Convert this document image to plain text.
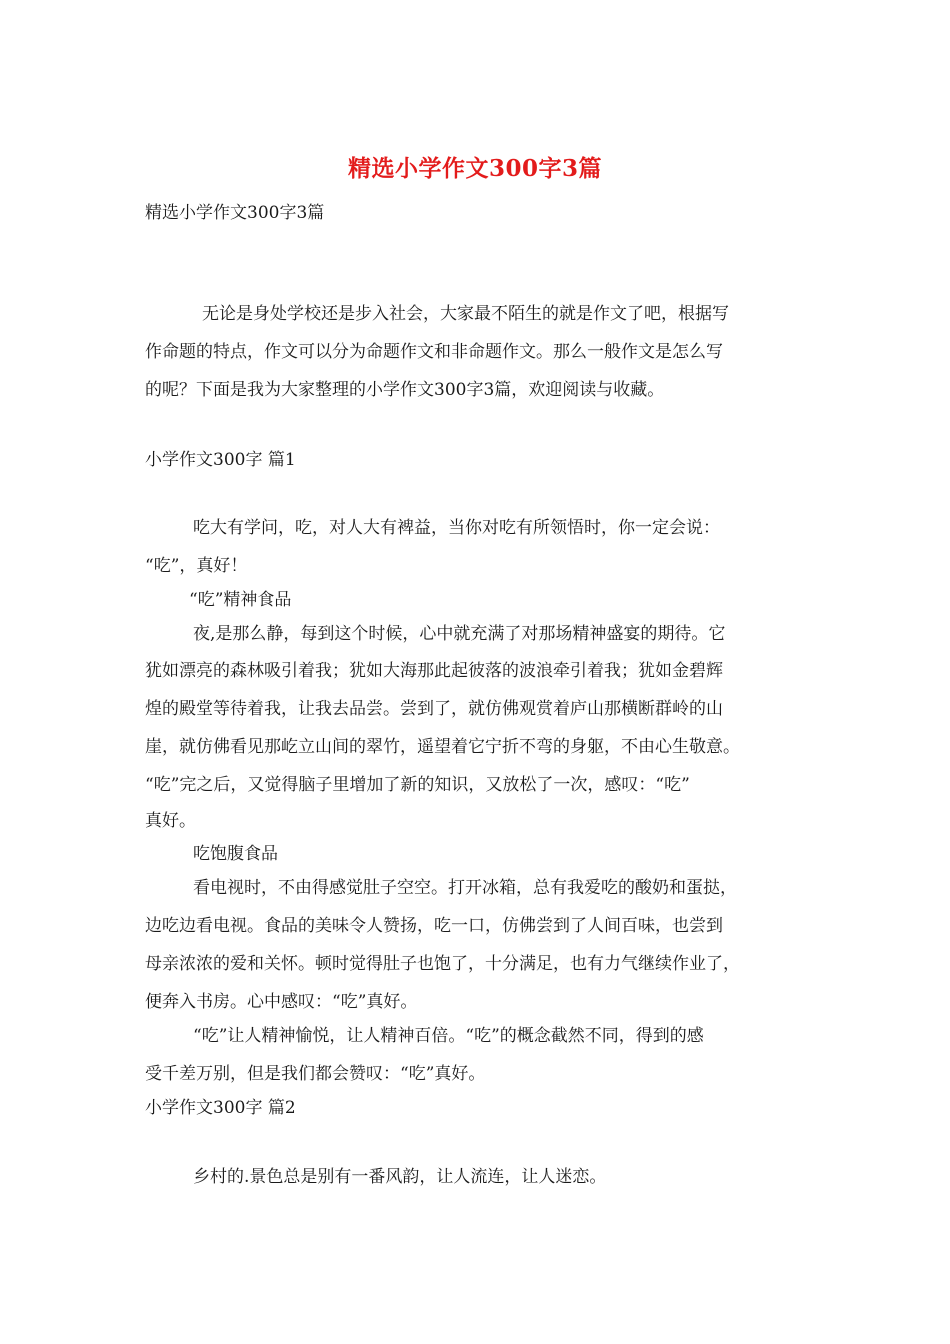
精选小学作文300字3篇
精选小学作文300字3篇
无论是身处学校还是步入社会，大家最不陌生的就是作文了吧，根据写
作命题的特点，作文可以分为命题作文和非命题作文。那么一般作文是怎么写
的呢？下面是我为大家整理的小学作文300字3篇，欢迎阅读与收藏。
小学作文300字 篇1
吃大有学问，吃，对人大有裨益，当你对吃有所领悟时，你一定会说：
“吃”，真好！
“吃”精神食品
夜,是那么静，每到这个时候，心中就充满了对那场精神盛宴的期待。它
犹如漂亮的森林吸引着我；犹如大海那此起彼落的波浪牵引着我；犹如金碧辉
煌的殿堂等待着我，让我去品尝。尝到了，就仿佛观赏着庐山那横断群岭的山
崖，就仿佛看见那屹立山间的翠竹，遥望着它宁折不弯的身躯，不由心生敬意。
“吃”完之后，又觉得脑子里增加了新的知识，又放松了一次，感叹：“吃”
真好。
吃饱腹食品
看电视时，不由得感觉肚子空空。打开冰箱，总有我爱吃的酸奶和蛋挞，
边吃边看电视。食品的美味令人赞扬，吃一口，仿佛尝到了人间百味，也尝到
母亲浓浓的爱和关怀。顿时觉得肚子也饱了，十分满足，也有力气继续作业了，
便奔入书房。心中感叹：“吃”真好。
“吃”让人精神愉悦，让人精神百倍。“吃”的概念截然不同，得到的感
受千差万别，但是我们都会赞叹：“吃”真好。
小学作文300字 篇2
乡村的.景色总是别有一番风韵，让人流连，让人迷恋。
